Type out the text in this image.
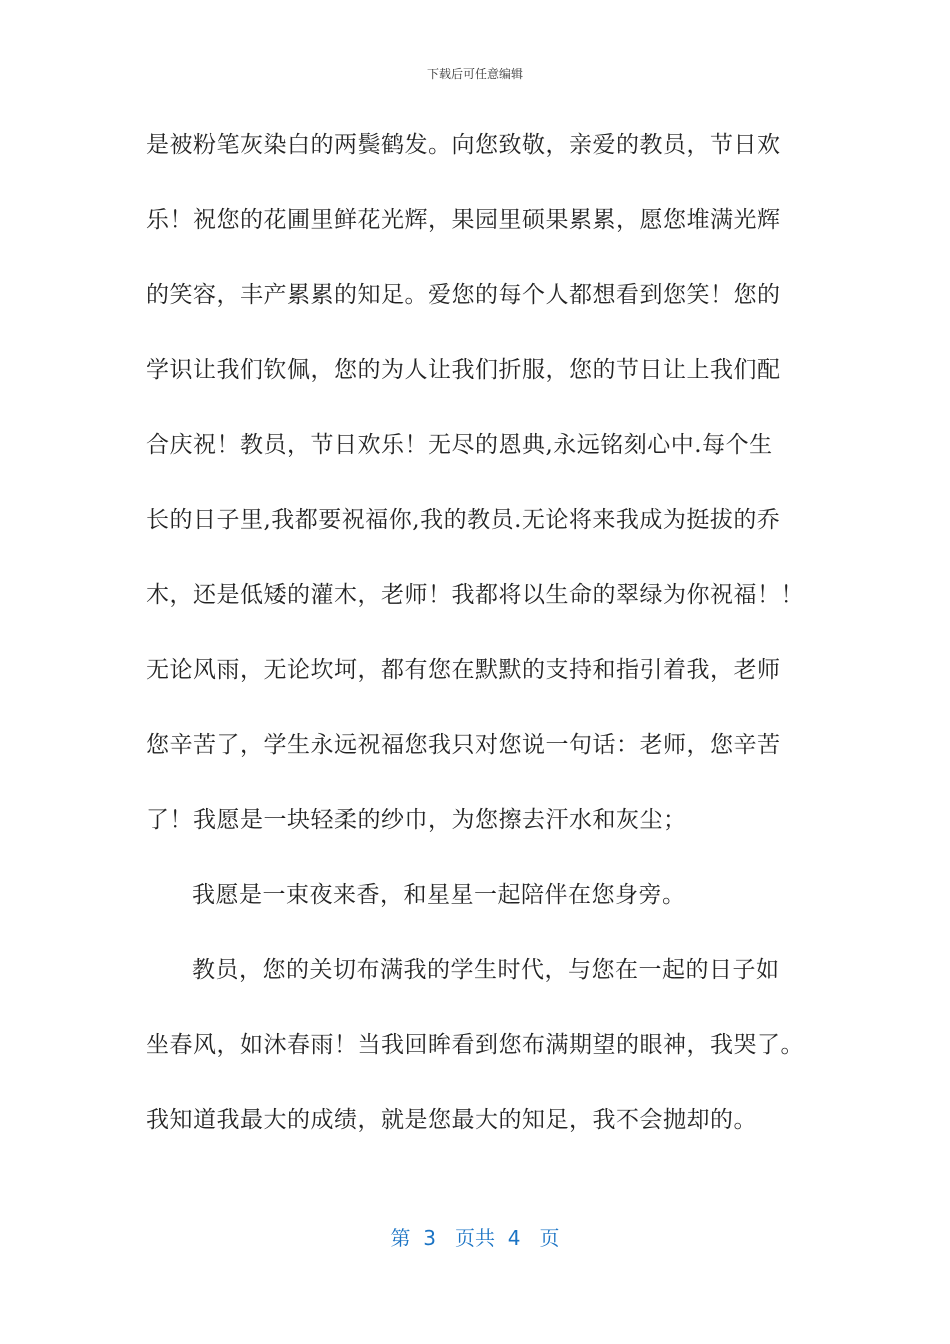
下载后可任意编辑
是被粉笔灰染白的两鬓鹤发。向您致敬，亲爱的教员，节日欢
乐！祝您的花圃里鲜花光辉，果园里硕果累累，愿您堆满光辉
的笑容，丰产累累的知足。爱您的每个人都想看到您笑！您的
学识让我们钦佩，您的为人让我们折服，您的节日让上我们配
合庆祝！教员，节日欢乐！无尽的恩典,永远铭刻心中.每个生
长的日子里,我都要祝福你,我的教员.无论将来我成为挺拔的乔
木，还是低矮的灌木，老师！我都将以生命的翠绿为你祝福！！
无论风雨，无论坎坷，都有您在默默的支持和指引着我，老师
您辛苦了，学生永远祝福您我只对您说一句话：老师，您辛苦
了！我愿是一块轻柔的纱巾，为您擦去汗水和灰尘；
我愿是一束夜来香，和星星一起陪伴在您身旁。
教员，您的关切布满我的学生时代，与您在一起的日子如
坐春风，如沐春雨！当我回眸看到您布满期望的眼神，我哭了。
我知道我最大的成绩，就是您最大的知足，我不会抛却的。
第  3   页共  4   页
